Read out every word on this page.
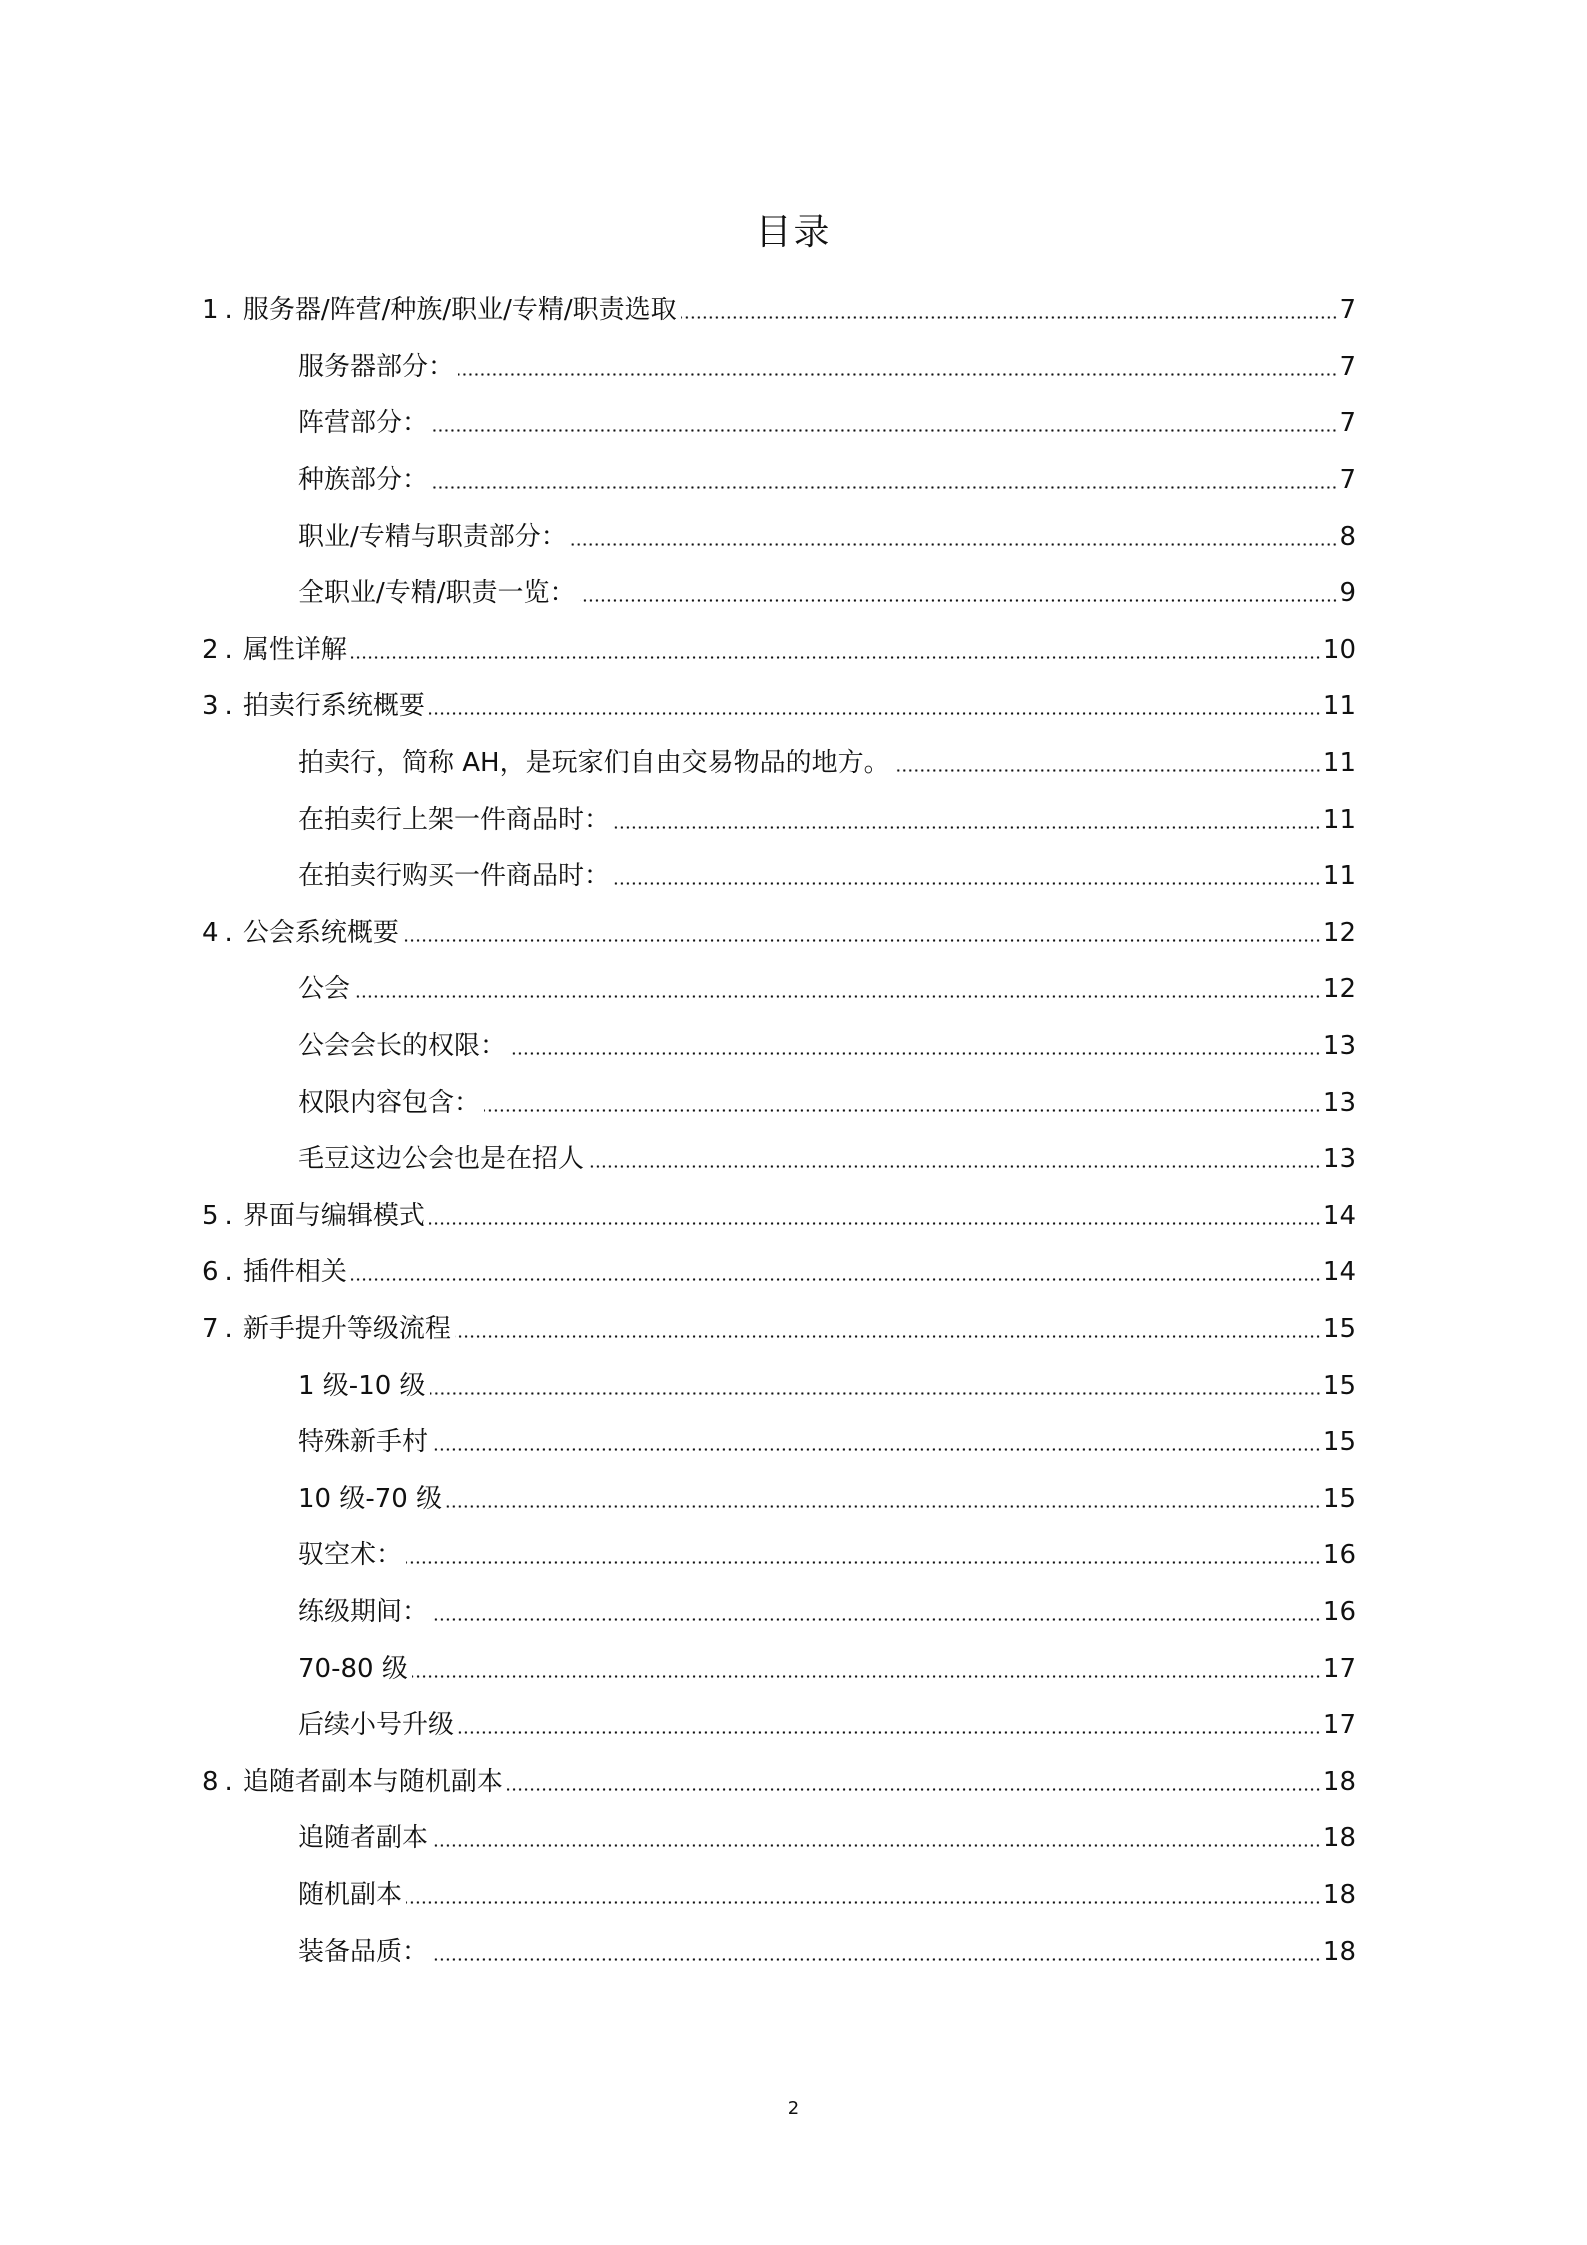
目录
1. 服务器/阵营/种族/职业/专精/职责选取	7
服务器部分：	7
阵营部分：	7
种族部分：	7
职业/专精与职责部分：	8
全职业/专精/职责一览：	9
2. 属性详解	10
3. 拍卖行系统概要	11
拍卖行，简称 AH，是玩家们自由交易物品的地方。	11
在拍卖行上架一件商品时：	11
在拍卖行购买一件商品时：	11
4. 公会系统概要	12
公会	12
公会会长的权限：	13
权限内容包含：	13
毛豆这边公会也是在招人	13
5. 界面与编辑模式	14
6. 插件相关	14
7. 新手提升等级流程	15
1 级-10 级	15
特殊新手村	15
10 级-70 级	15
驭空术：	16
练级期间：	16
70-80 级	17
后续小号升级	17
8. 追随者副本与随机副本	18
追随者副本	18
随机副本	18
装备品质：	18
2
